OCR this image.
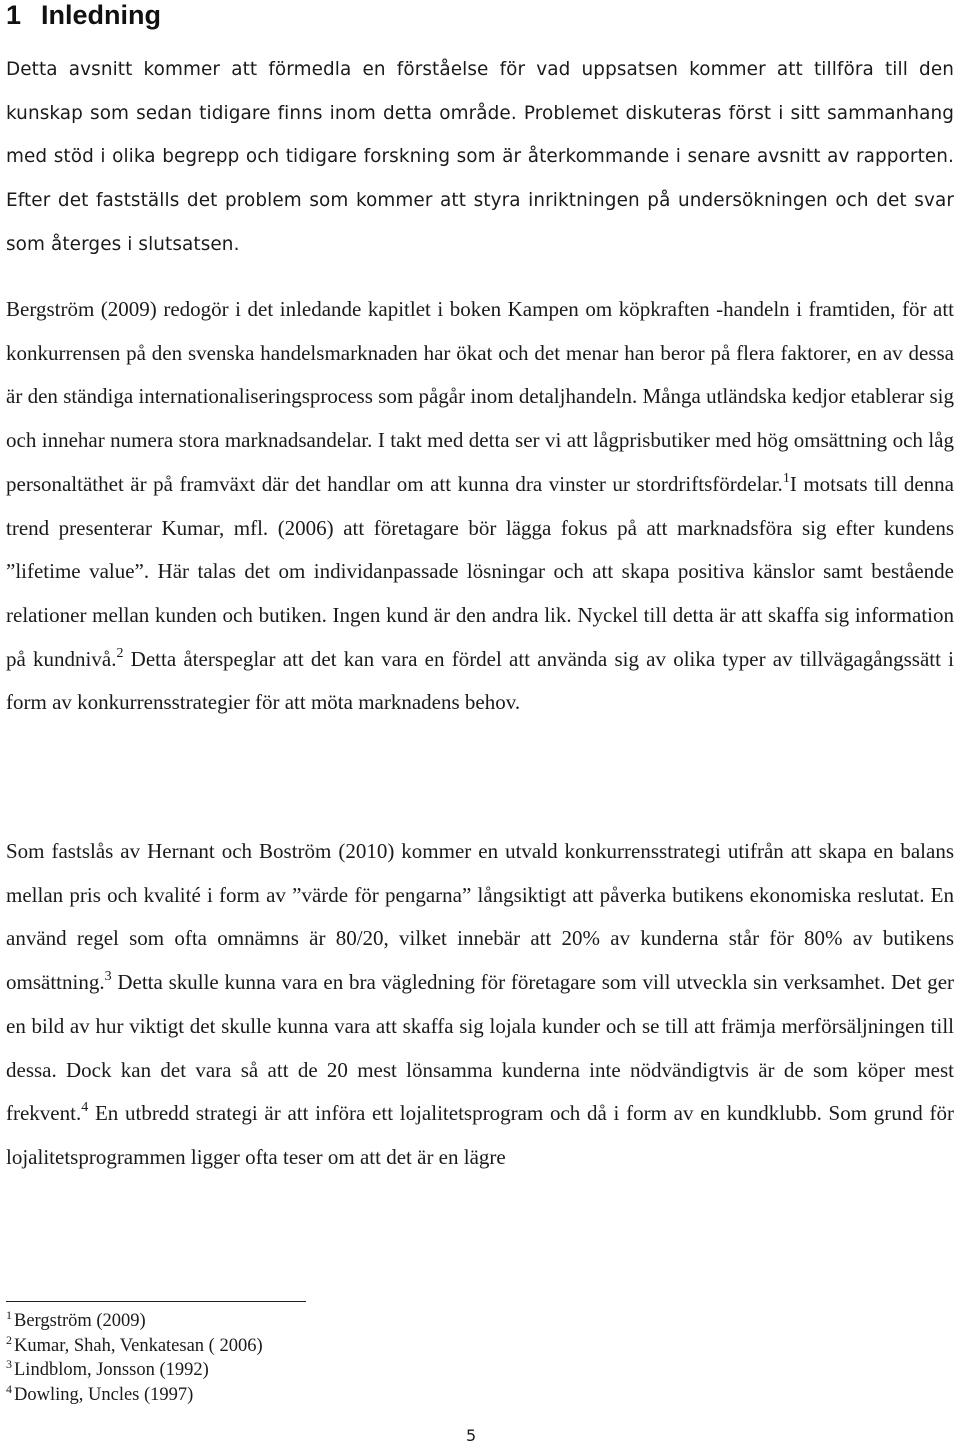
1 Inledning

Detta avsnitt kommer att förmedla en förståelse för vad uppsatsen kommer att tillföra till den kunskap som sedan tidigare finns inom detta område. Problemet diskuteras först i sitt sammanhang med stöd i olika begrepp och tidigare forskning som är återkommande i senare avsnitt av rapporten. Efter det fastställs det problem som kommer att styra inriktningen på undersökningen och det svar som återges i slutsatsen.

Bergström (2009) redogör i det inledande kapitlet i boken Kampen om köpkraften -handeln i framtiden, för att konkurrensen på den svenska handelsmarknaden har ökat och det menar han beror på flera faktorer, en av dessa är den ständiga internationaliseringsprocess som pågår inom detaljhandeln. Många utländska kedjor etablerar sig och innehar numera stora marknadsandelar. I takt med detta ser vi att lågprisbutiker med hög omsättning och låg personaltäthet är på framväxt där det handlar om att kunna dra vinster ur stordriftsfördelar.$^1$I motsats till denna trend presenterar Kumar, mfl. (2006) att företagare bör lägga fokus på att marknadsföra sig efter kundens ”lifetime value”. Här talas det om individanpassade lösningar och att skapa positiva känslor samt bestående relationer mellan kunden och butiken. Ingen kund är den andra lik. Nyckel till detta är att skaffa sig information på kundnivå.$^2$ Detta återspeglar att det kan vara en fördel att använda sig av olika typer av tillvägagångssätt i form av konkurrensstrategier för att möta marknadens behov.

Som fastslås av Hernant och Boström (2010) kommer en utvald konkurrensstrategi utifrån att skapa en balans mellan pris och kvalité i form av ”värde för pengarna” långsiktigt att påverka butikens ekonomiska reslutat. En använd regel som ofta omnämns är 80/20, vilket innebär att 20% av kunderna står för 80% av butikens omsättning.$^3$ Detta skulle kunna vara en bra vägledning för företagare som vill utveckla sin verksamhet. Det ger en bild av hur viktigt det skulle kunna vara att skaffa sig lojala kunder och se till att främja merförsäljningen till dessa. Dock kan det vara så att de 20 mest lönsamma kunderna inte nödvändigtvis är de som köper mest frekvent.$^4$ En utbredd strategi är att införa ett lojalitetsprogram och då i form av en kundklubb. Som grund för lojalitetsprogrammen ligger ofta teser om att det är en lägre

$^1$ Bergström (2009)
$^2$ Kumar, Shah, Venkatesan ( 2006)
$^3$ Lindblom, Jonsson (1992)
$^4$ Dowling, Uncles (1997)
5
